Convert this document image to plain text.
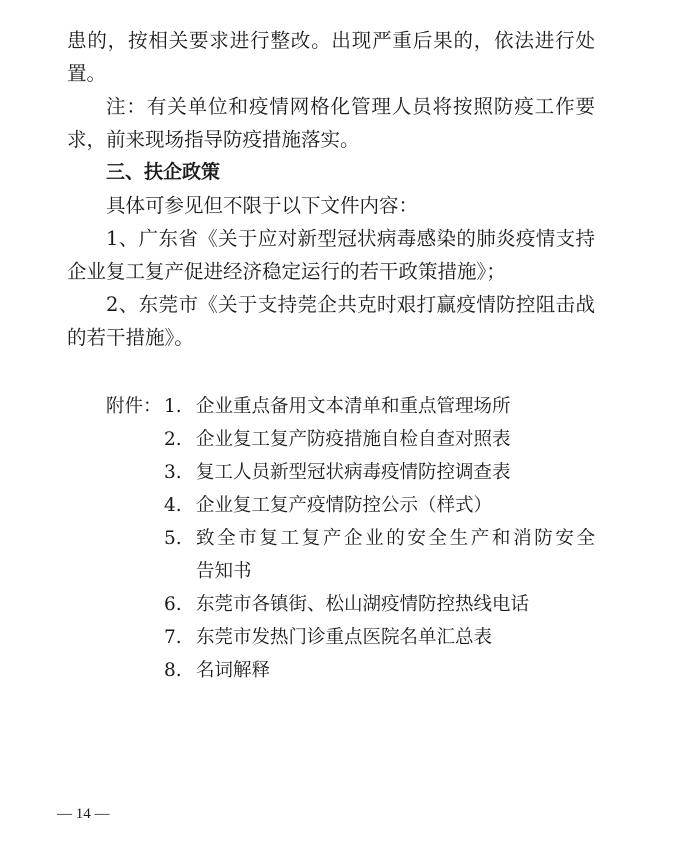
患的，按相关要求进行整改。出现严重后果的，依法进行处
置。
注：有关单位和疫情网格化管理人员将按照防疫工作要
求，前来现场指导防疫措施落实。
三、扶企政策
具体可参见但不限于以下文件内容：
1、广东省《关于应对新型冠状病毒感染的肺炎疫情支持
企业复工复产促进经济稳定运行的若干政策措施》；
2、东莞市《关于支持莞企共克时艰打赢疫情防控阻击战
的若干措施》。
附件： 1. 企业重点备用文本清单和重点管理场所
2. 企业复工复产防疫措施自检自查对照表
3. 复工人员新型冠状病毒疫情防控调查表
4. 企业复工复产疫情防控公示（样式）
5. 致全市复工复产企业的安全生产和消防安全
告知书
6. 东莞市各镇街、松山湖疫情防控热线电话
7. 东莞市发热门诊重点医院名单汇总表
8. 名词解释
— 14 —
